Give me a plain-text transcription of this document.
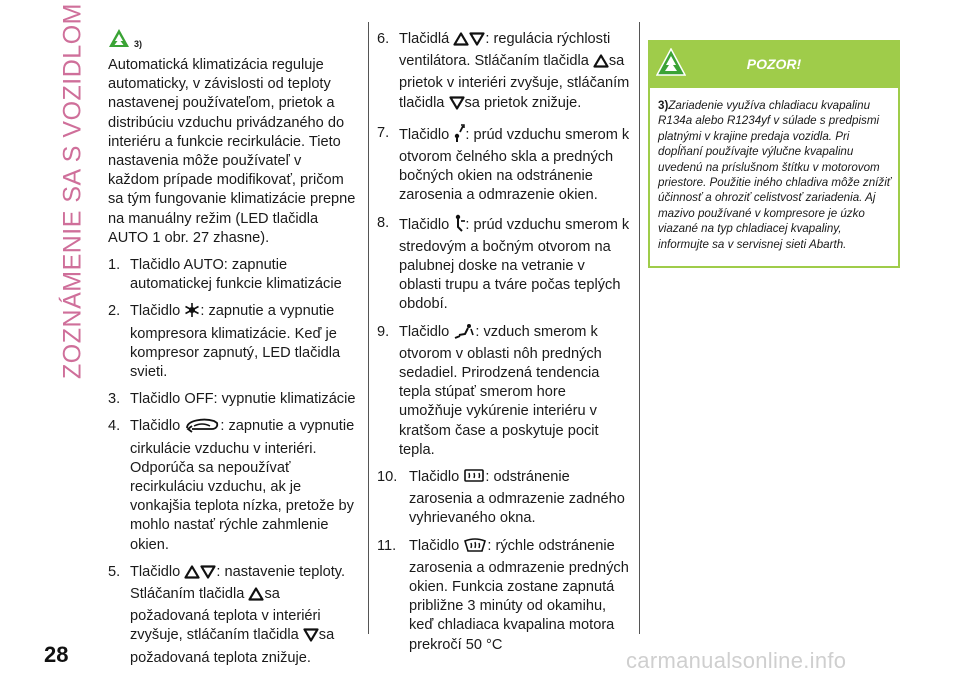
ZOZNÁMENIE SA S VOZIDLOM	3)

Automatická klimatizácia reguluje automaticky, v závislosti od teploty nastavenej používateľom, prietok a distribúciu vzduchu privádzaného do interiéru a funkcie recirkulácie. Tieto nastavenia môže používateľ v každom prípade modifikovať, pričom sa tým fungovanie klimatizácie prepne na manuálny režim (LED tlačidla AUTO 1 obr. 27 zhasne).

1. Tlačidlo AUTO: zapnutie automatickej funkcie klimatizácie
2. Tlačidlo : zapnutie a vypnutie kompresora klimatizácie. Keď je kompresor zapnutý, LED tlačidla svieti.
3. Tlačidlo OFF: vypnutie klimatizácie
4. Tlačidlo	: zapnutie a vypnutie cirkulácie vzduchu v interiéri. Odporúča sa nepoužívať recirkuláciu vzduchu, ak je vonkajšia teplota nízka, pretože by mohlo nastať rýchle zahmlenie okien.
5. Tlačidlo : nastavenie teploty. Stláčaním tlačidla sa požadovaná teplota v interiéri zvyšuje, stláčaním tlačidla sa požadovaná teplota znižuje.
6. Tlačidlá : regulácia rýchlosti ventilátora. Stláčaním tlačidla sa prietok v interiéri zvyšuje, stláčaním tlačidla sa prietok znižuje.
7. Tlačidlo : prúd vzduchu smerom k otvorom čelného skla a predných bočných okien na odstránenie zarosenia a odmrazenie okien.
8. Tlačidlo : prúd vzduchu smerom k stredovým a bočným otvorom na palubnej doske na vetranie v oblasti trupu a tváre počas teplých období.
9. Tlačidlo : vzduch smerom k otvorom v oblasti nôh predných sedadiel. Prirodzená tendencia tepla stúpať smerom hore umožňuje vykúrenie interiéru v kratšom čase a poskytuje pocit tepla.
10. Tlačidlo : odstránenie zarosenia a odmrazenie zadného vyhrievaného okna.
11. Tlačidlo : rýchle odstránenie zarosenia a odmrazenie predných okien. Funkcia zostane zapnutá približne 3 minúty od okamihu, keď chladiaca kvapalina motora prekročí 50 °C
POZOR!
3)Zariadenie využíva chladiacu kvapalinu R134a alebo R1234yf v súlade s predpismi platnými v krajine predaja vozidla. Pri dopĺňaní používajte výlučne kvapalinu uvedenú na príslušnom štítku v motorovom priestore. Použitie iného chladiva môže znížiť účinnosť a ohroziť celistvosť zariadenia. Aj mazivo používané v kompresore je úzko viazané na typ chladiacej kvapaliny, informujte sa v servisnej sieti Abarth.
28	carmanualsonline.info
